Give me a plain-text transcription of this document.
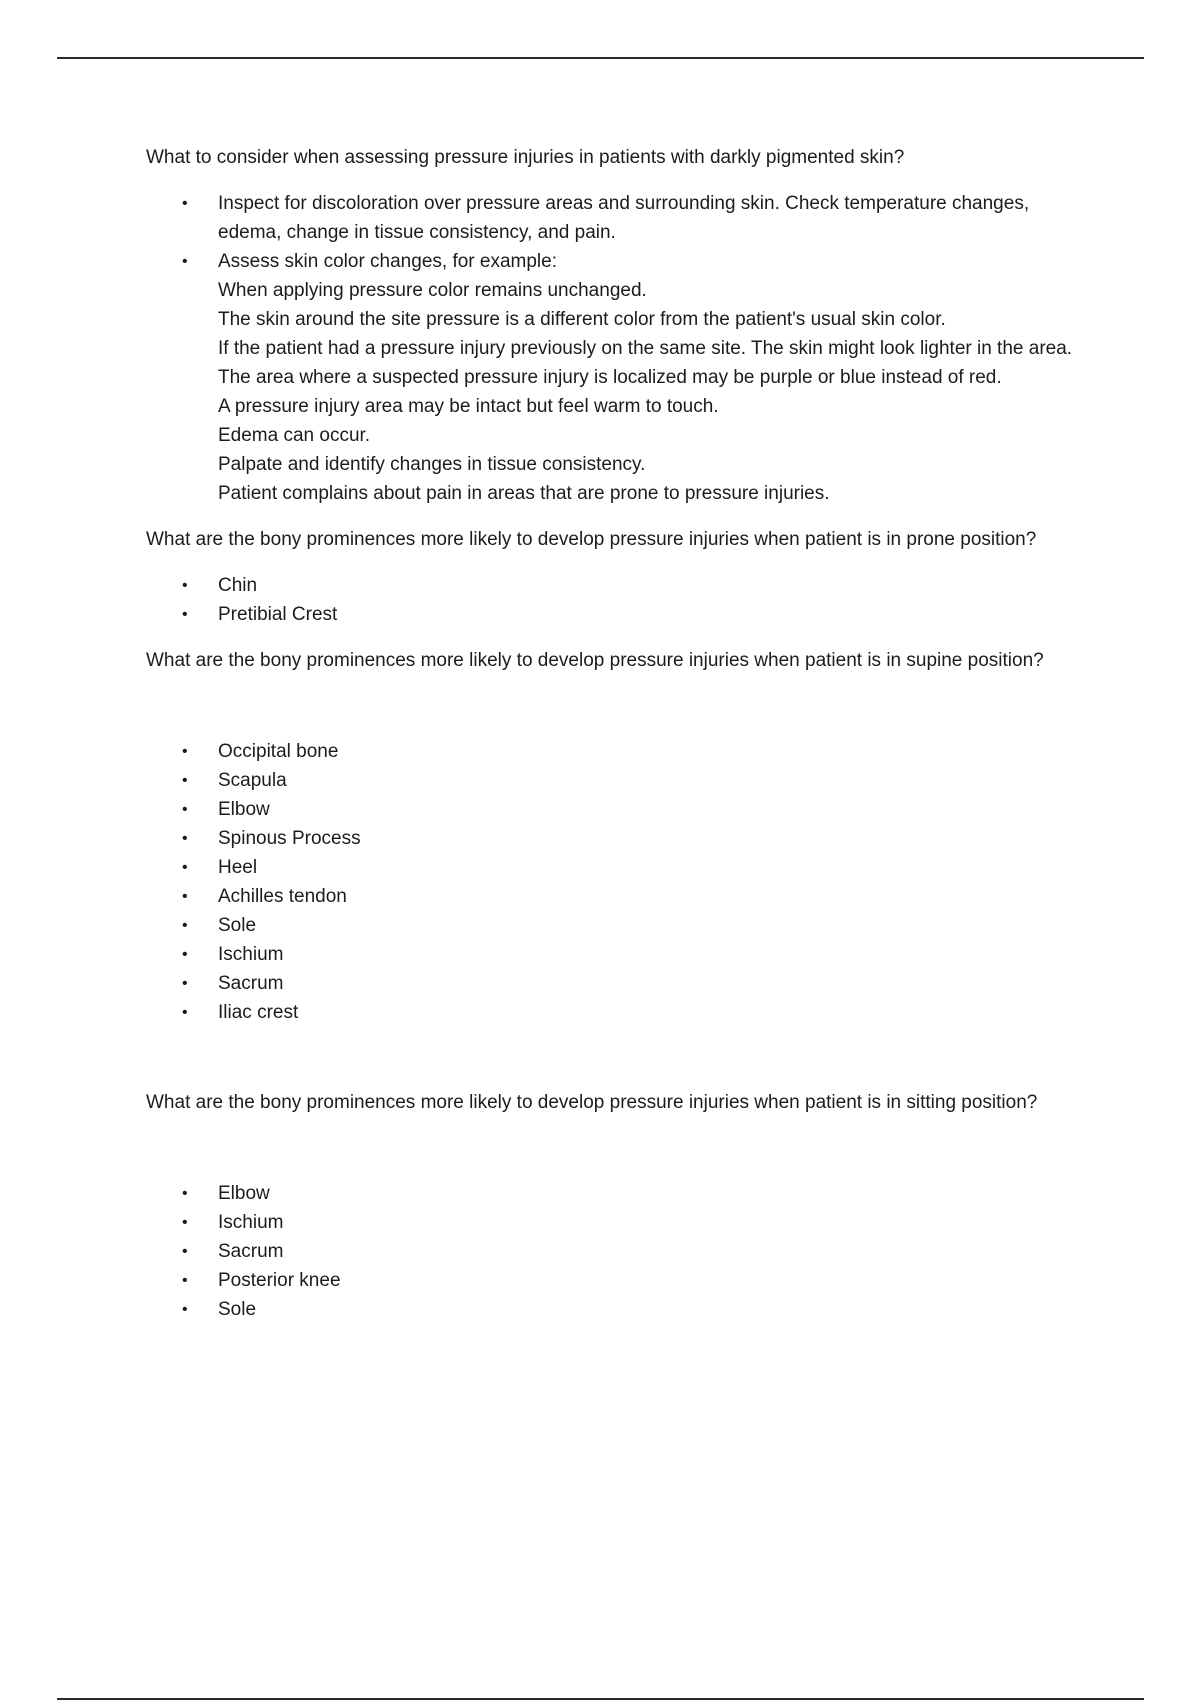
What to consider when assessing pressure injuries in patients with darkly pigmented skin?

• Inspect for discoloration over pressure areas and surrounding skin. Check temperature changes, edema, change in tissue consistency, and pain.
• Assess skin color changes, for example:
When applying pressure color remains unchanged.
The skin around the site pressure is a different color from the patient's usual skin color.
If the patient had a pressure injury previously on the same site. The skin might look lighter in the area.
The area where a suspected pressure injury is localized may be purple or blue instead of red.
A pressure injury area may be intact but feel warm to touch.
Edema can occur.
Palpate and identify changes in tissue consistency.
Patient complains about pain in areas that are prone to pressure injuries.

What are the bony prominences more likely to develop pressure injuries when patient is in prone position?

• Chin
• Pretibial Crest

What are the bony prominences more likely to develop pressure injuries when patient is in supine position?

• Occipital bone
• Scapula
• Elbow
• Spinous Process
• Heel
• Achilles tendon
• Sole
• Ischium
• Sacrum
• Iliac crest

What are the bony prominences more likely to develop pressure injuries when patient is in sitting position?

• Elbow
• Ischium
• Sacrum
• Posterior knee
• Sole
